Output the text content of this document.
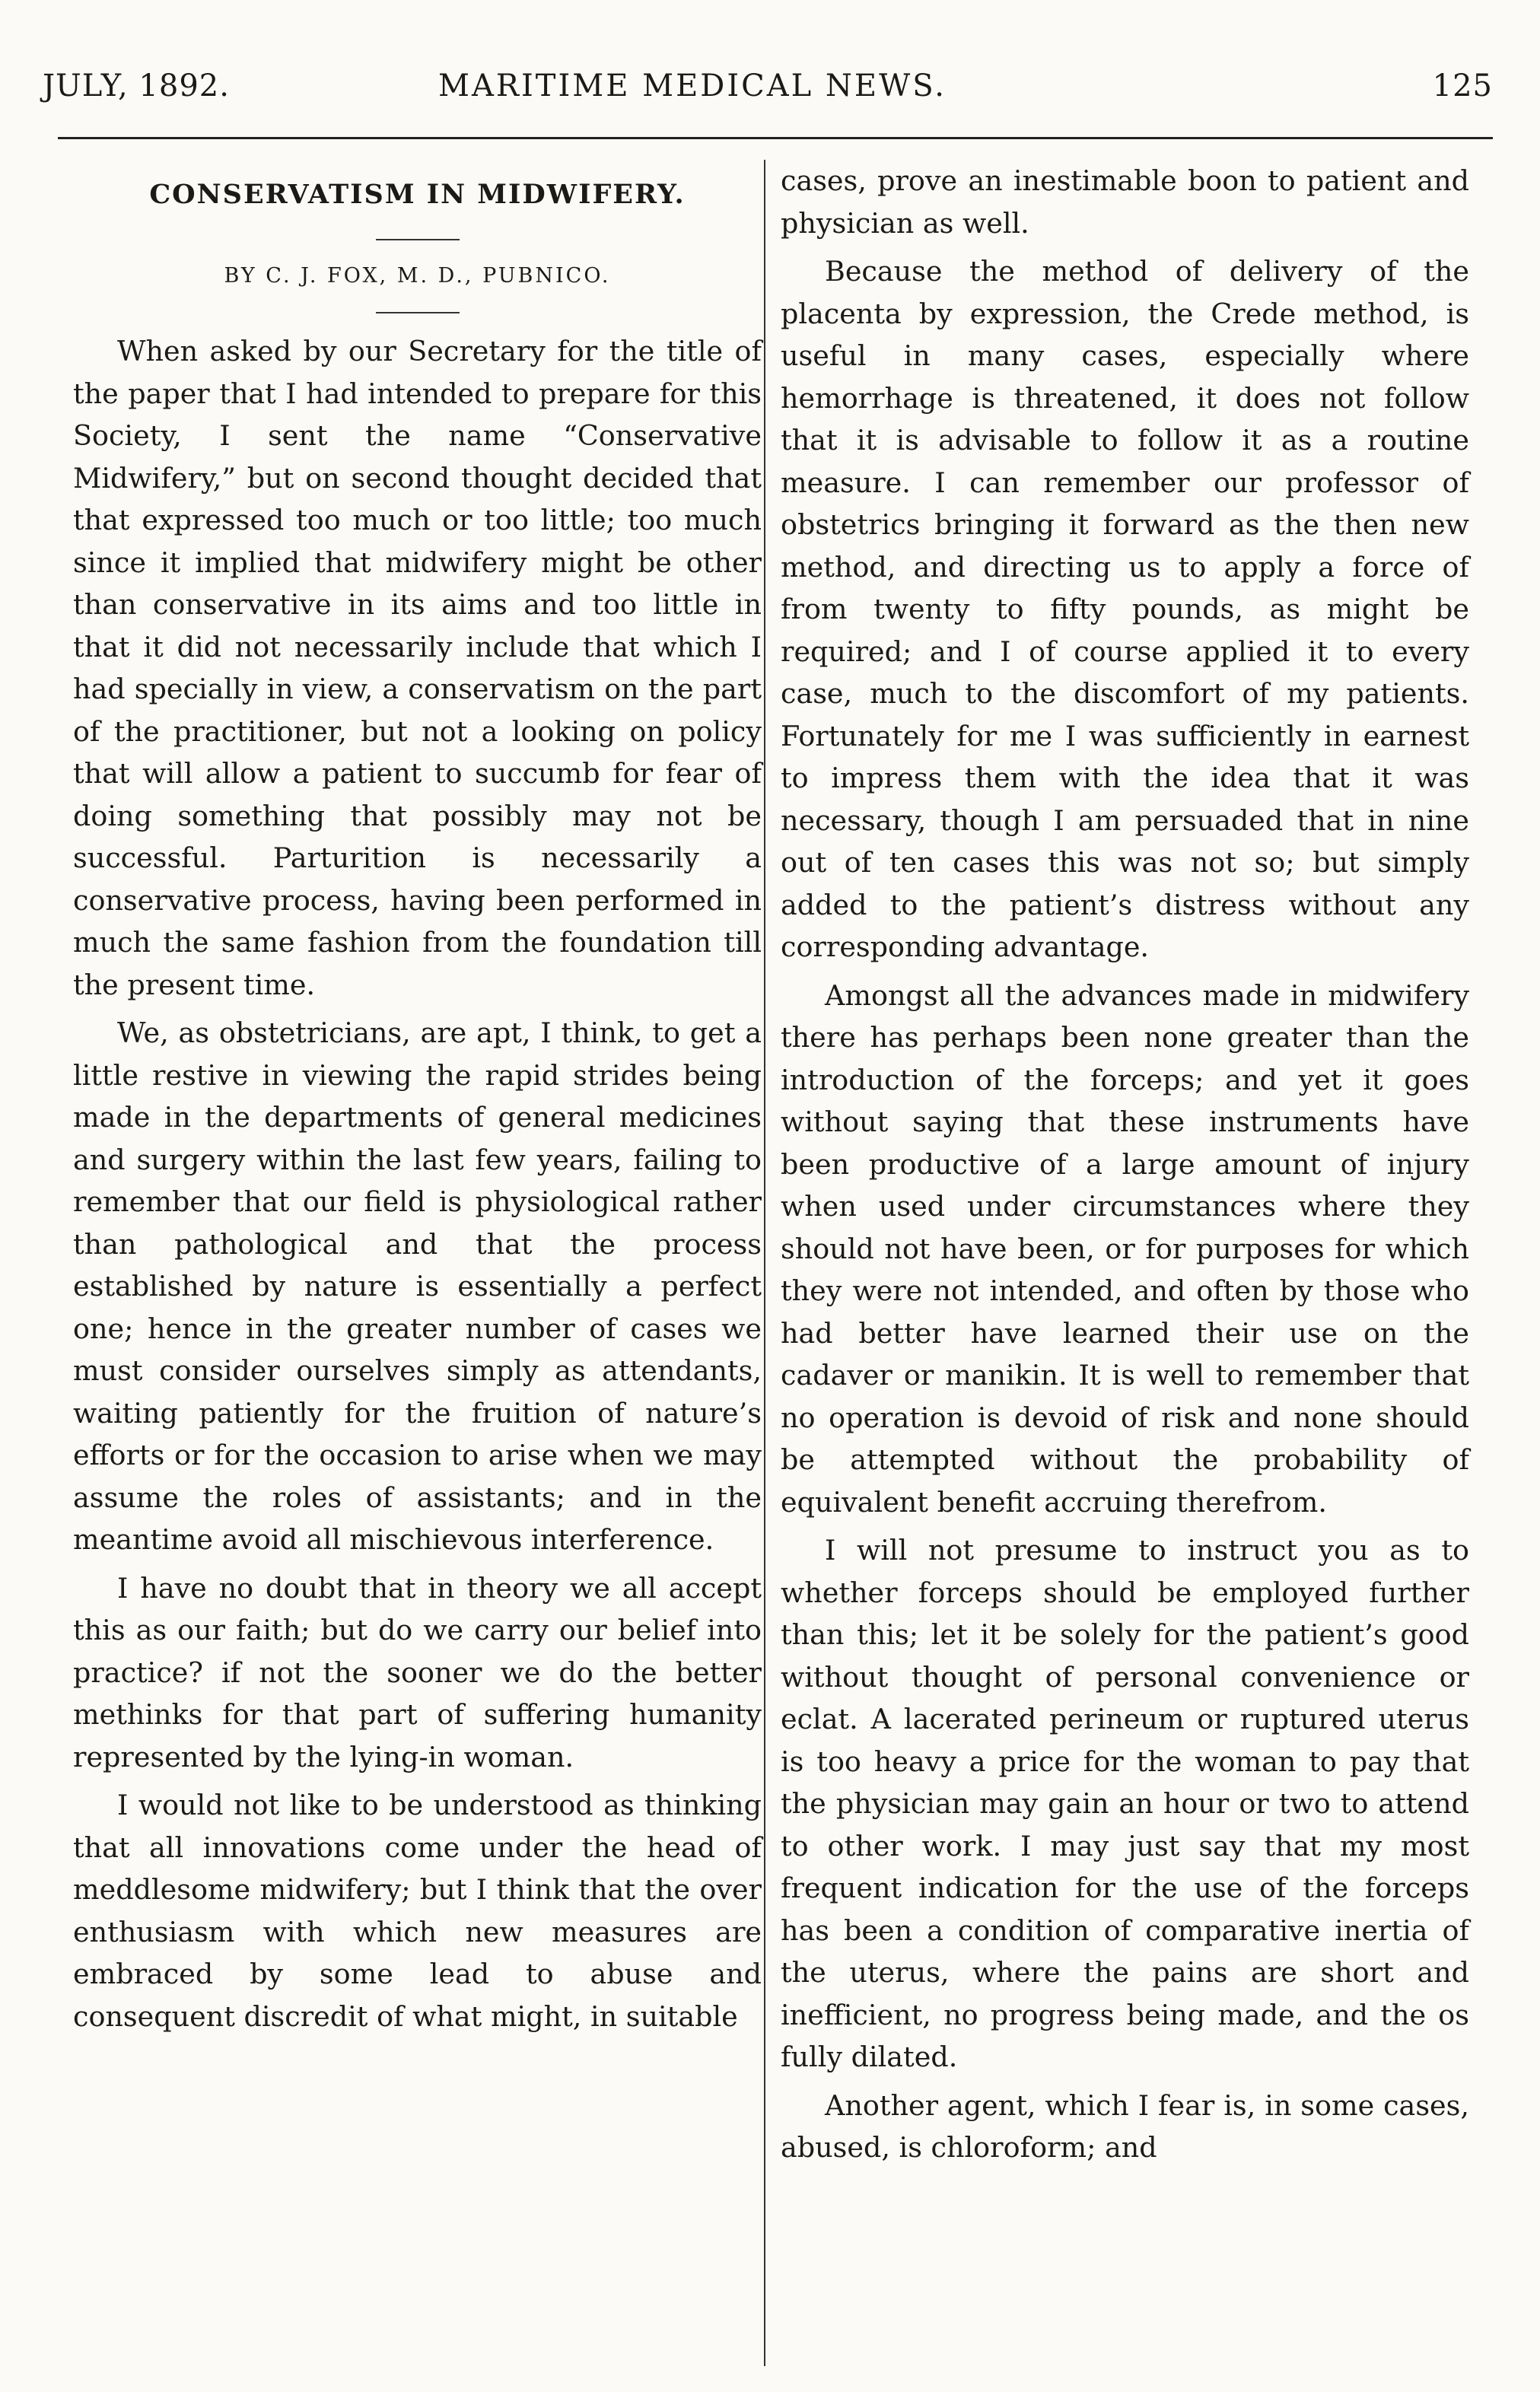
JULY, 1892.	MARITIME MEDICAL NEWS.	125
CONSERVATISM IN MIDWIFERY.
BY C. J. FOX, M. D., PUBNICO.

When asked by our Secretary for the title of the paper that I had intended to prepare for this Society, I sent the name “Conservative Midwifery,” but on second thought decided that that expressed too much or too little; too much since it implied that midwifery might be other than conservative in its aims and too little in that it did not necessarily include that which I had specially in view, a conservatism on the part of the practitioner, but not a looking on policy that will allow a patient to succumb for fear of doing something that possibly may not be successful. Parturition is necessarily a conservative process, having been performed in much the same fashion from the foundation till the present time.

We, as obstetricians, are apt, I think, to get a little restive in viewing the rapid strides being made in the departments of general medicines and surgery within the last few years, failing to remember that our field is physiological rather than pathological and that the process established by nature is essentially a perfect one; hence in the greater number of cases we must consider ourselves simply as attendants, waiting patiently for the fruition of nature’s efforts or for the occasion to arise when we may assume the roles of assistants; and in the meantime avoid all mischievous interference.

I have no doubt that in theory we all accept this as our faith; but do we carry our belief into practice? if not the sooner we do the better methinks for that part of suffering humanity represented by the lying-in woman.

I would not like to be understood as thinking that all innovations come under the head of meddlesome midwifery; but I think that the over enthusiasm with which new measures are embraced by some lead to abuse and consequent discredit of what might, in suitable

cases, prove an inestimable boon to patient and physician as well.

Because the method of delivery of the placenta by expression, the Crede method, is useful in many cases, especially where hemorrhage is threatened, it does not follow that it is advisable to follow it as a routine measure. I can remember our professor of obstetrics bringing it forward as the then new method, and directing us to apply a force of from twenty to fifty pounds, as might be required; and I of course applied it to every case, much to the discomfort of my patients. Fortunately for me I was sufficiently in earnest to impress them with the idea that it was necessary, though I am persuaded that in nine out of ten cases this was not so; but simply added to the patient’s distress without any corresponding advantage.

Amongst all the advances made in midwifery there has perhaps been none greater than the introduction of the forceps; and yet it goes without saying that these instruments have been productive of a large amount of injury when used under circumstances where they should not have been, or for purposes for which they were not intended, and often by those who had better have learned their use on the cadaver or manikin. It is well to remember that no operation is devoid of risk and none should be attempted without the probability of equivalent benefit accruing therefrom.

I will not presume to instruct you as to whether forceps should be employed further than this; let it be solely for the patient’s good without thought of personal convenience or eclat. A lacerated perineum or ruptured uterus is too heavy a price for the woman to pay that the physician may gain an hour or two to attend to other work. I may just say that my most frequent indication for the use of the forceps has been a condition of comparative inertia of the uterus, where the pains are short and inefficient, no progress being made, and the os fully dilated.

Another agent, which I fear is, in some cases, abused, is chloroform; and
